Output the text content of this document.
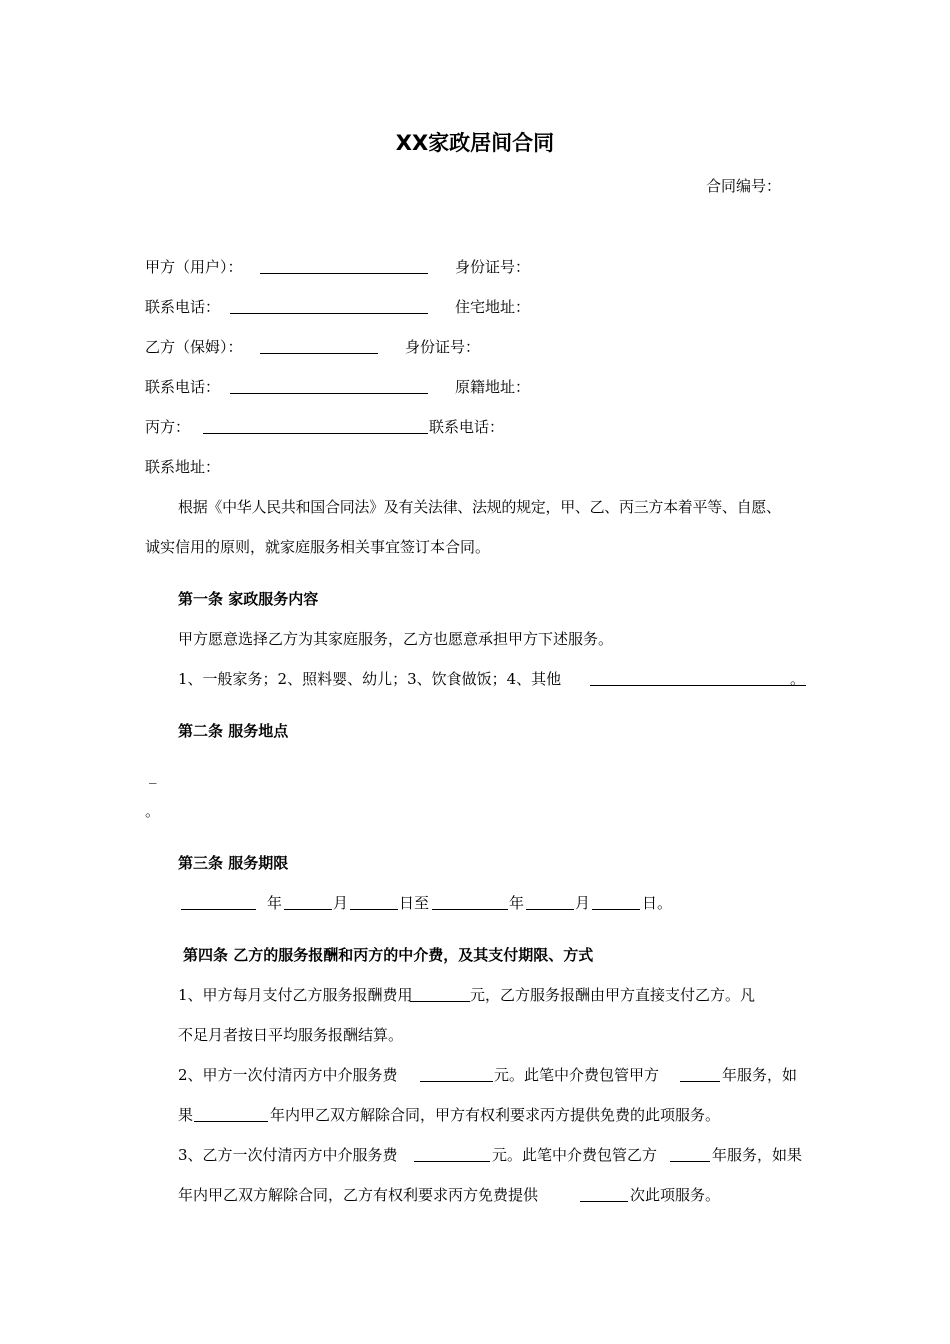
XX家政居间合同
合同编号：
甲方（用户）：	身份证号：
联系电话：	住宅地址：
乙方（保姆）：	身份证号：
联系电话：	原籍地址：
丙方：	联系电话：
联系地址：
根据《中华人民共和国合同法》及有关法律、法规的规定，甲、乙、丙三方本着平等、自愿、
诚实信用的原则，就家庭服务相关事宜签订本合同。
第一条 家政服务内容
甲方愿意选择乙方为其家庭服务，乙方也愿意承担甲方下述服务。
1、一般家务；2、照料婴、幼儿；3、饮食做饭；4、其他	。
第二条 服务地点
_
。
第三条 服务期限
年	月	日至	年	月	日。
第四条 乙方的服务报酬和丙方的中介费，及其支付期限、方式
1、甲方每月支付乙方服务报酬费用	元，乙方服务报酬由甲方直接支付乙方。凡
不足月者按日平均服务报酬结算。
2、甲方一次付清丙方中介服务费	元。此笔中介费包管甲方	年服务，如
果	年内甲乙双方解除合同，甲方有权利要求丙方提供免费的此项服务。
3、乙方一次付清丙方中介服务费	元。此笔中介费包管乙方	年服务，如果
年内甲乙双方解除合同，乙方有权利要求丙方免费提供	次此项服务。
